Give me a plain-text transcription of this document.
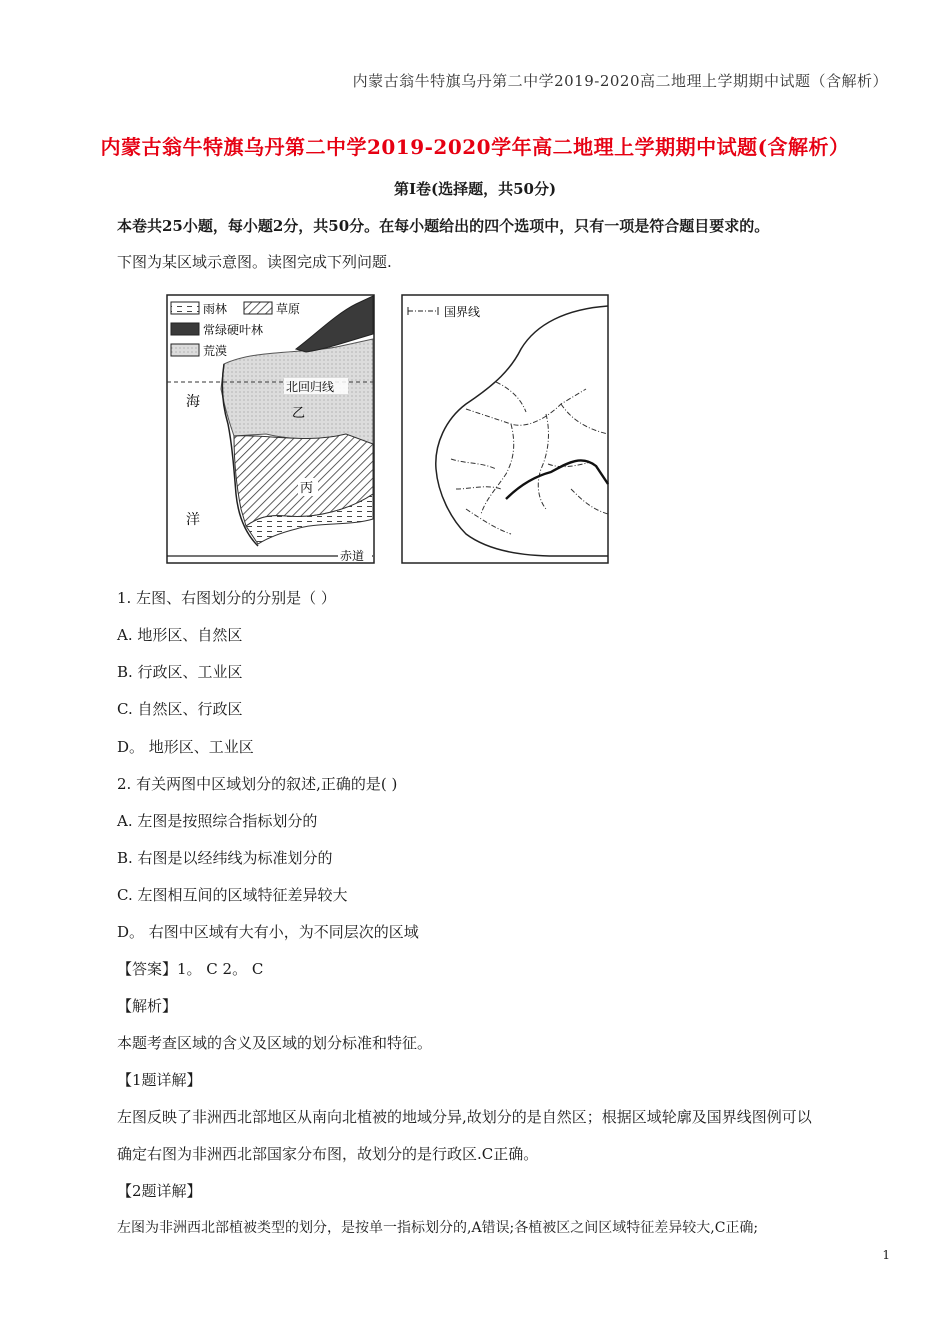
内蒙古翁牛特旗乌丹第二中学2019-2020高二地理上学期期中试题（含解析）
内蒙古翁牛特旗乌丹第二中学2019-2020学年高二地理上学期期中试题(含解析）
第Ⅰ卷(选择题，共50分)
本卷共25小题，每小题2分，共50分。在每小题给出的四个选项中，只有一项是符合题目要求的。
下图为某区域示意图。读图完成下列问题.
雨林	草原
常绿硬叶林
荒漠
北回归线
乙
丙
海
洋
赤道
国界线
1. 左图、右图划分的分别是（ ）
A. 地形区、自然区
B. 行政区、工业区
C. 自然区、行政区
D。 地形区、工业区
2. 有关两图中区域划分的叙述,正确的是( )
A. 左图是按照综合指标划分的
B. 右图是以经纬线为标准划分的
C. 左图相互间的区域特征差异较大
D。 右图中区域有大有小，为不同层次的区域
【答案】1。 C 2。 C
【解析】
本题考查区域的含义及区域的划分标准和特征。
【1题详解】
左图反映了非洲西北部地区从南向北植被的地域分异,故划分的是自然区；根据区域轮廓及国界线图例可以
确定右图为非洲西北部国家分布图，故划分的是行政区.C正确。
【2题详解】
左图为非洲西北部植被类型的划分，是按单一指标划分的,A错误;各植被区之间区域特征差异较大,C正确;
1
